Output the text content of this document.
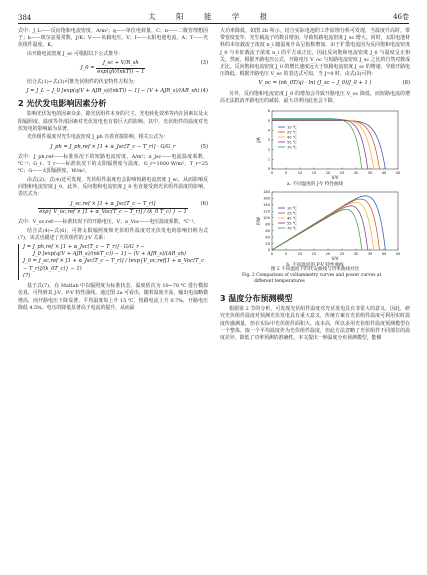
384	太 阳 能 学 报	46卷

式中：J_L——反向饱和电流密度，A/m²；q——单位电荷量，C；n——二极管理想因子；k——玻尔兹曼常数，J/K；V——负载电压，V；I——太阳电池电流，A；T——光伏组件温度，K。

由开路电流密度 J_sc 可根据以下公式推导：

J_0 = $\frac{J\_sc + V/R\_sh}{\text{exp(qV/(nkT)) − 1}}$	(3)

结合式(1)~式(3)可推光伏组件的伏安特性方程为：

J = J_L − J_0 [exp(q(V + AJR_s)/(nkT)) − 1] − (V + AJR_s)/(AR_sh) (4)
2 光伏发电影响因素分析

影响光伏发电的因素众多，除光伏组件本身的尺寸、光电转化效率等内在因素以及太阳辐照度、温度等外部因素对光伏发电也有着巨大的影响。其中，光伏组件的温度对光伏发电的影响最为显著。

光伏组件温度对光生电流密度 J_ph 有着直接影响，相关公式为：

J_ph = J_ph,ref × [1 + α_Jsc(T_c − T_r)] · G/G_r	(5)

式中：J_ph,ref——标准状况下的短路电流密度，A/m²；α_Jsc——电流温度系数，℃⁻¹；G_r、T_r——标准状况下的太阳辐照度与温度，G_r=1000 W/m²，T_r=25 ℃；G——太阳辐照度，W/m²。

由式(2)、式(4)还可发现，光伏组件温度也会影响短路电流密度 J_sc，从而影响反向饱和电流密度 J_0，此外，反向饱和电流密度 J_0 也直接受到光伏组件温度的影响，表达式为：

$\frac{\text{J\_sc,ref × [1 + α\_Jsc(T\_c − T\_r)]}}{\text{exp\{ V\_oc,ref × [1 + α\_Voc(T\_c − T\_r)] / (k\_0 T\_c) \} − 1}} (6)$

式中：V_oc,ref——标准状况下的开路电压，V；α_Voc——电压温度系数，℃⁻¹。

结合式(4)~式(6)，可将太阳辐照度和光伏组件温度对光伏发电的影响归纳为式(7)，该式也描述了光伏组件的 J-V 关系：

J = J_ph,ref × [1 + α_Jsc(T_c − T_r)] · G/G_r −
J_0 [exp(q(V + AJR_s)/(nkT_c)) − 1] − (V + AJR_s)/(AR_sh)
J_0 = J_sc,ref × [1 + α_Jsc(T_c − T_r)] / (exp{V_oc,ref[1 + α_Voc(T_c − T_r)]/(k_0T_c)} − 1)
(7)

基于式(7)，在 Matlab 中以辐照度为标准状态，温度依次为 10~70 ℃ 进行模拟仿真，可得到其 J-V、P-V 特性曲线。通过图 2a 可看出，随着温度升高，输出电流略微增高，而开路电压下降显著，平均温度每上升 15 ℃，短路电流上升 0.7%，开路电压降低 4.5%。电压的降低显著高于电流的提升，从而最

大功率降低，如图 2b 所示。结合实际电池的工作原理分析可发现，当温度升高时，带带宽度变窄，光生载流子的数目增加，导致短路电流密度 J_sc 增大。同时，太阳电池材料的本征载流子浓度 n_i 随温度升高呈指数增加，由于扩散电流因为反向饱和电流密度 J_0 与本征载流子浓度 n_i 的平方成正比，因此反向饱和电流密度 J_0 与温度呈正相关。然而，根据开路电压公式，开路电压 V_oc 与短路电流密度 J_sc 之比的自然对数成正比。反向饱和电流密度 J_0 的增长速度远大于短路电流密度 J_sc 的增速，导致开路电压降低。根据开路电压 V_oc 的表达式可知，当 J=0 时，由式(3)可得：

V_oc = (nk_0T/q) · ln( (J_sc − J_0)/J_0 + 1 )	(8)

另外，反向饱和电流密度 J_0 的增加会导致开路电压 V_oc 降低。而短路电流的增高无法抵消开路电压的减弱，最大功率因此也会下降。

0	5	10	15	20	25	30	35	40	45
0
1
2
3
4
5
6
V/V
J/A
10 ℃
25 ℃
40 ℃
55 ℃
70 ℃
a. 不同温度的 J-V 特性曲线
0	5	10	15	20	25	30	35	40	45
0
20
40
60
80
100
120
140
160
180
V/V
P/W
10 ℃
25 ℃
40 ℃
55 ℃
70 ℃
b. 不同温度的 P-V 特性曲线
图 2 不同温度下的伏安曲线与功率曲线对比
Fig. 2 Comparison of voltammetry curves and power curves at
different temperatures
3 温度分布预测模型

根据第 2 节的分析，可发现光伏组件温度对光伏发电具有非常大的意义。因此，研究光伏组件温度对预测光伏发电具有重大意义，传统方案有光伏组件温度可利用实时温度传感测量，但在实际中光伏组件面积大、成本高，所以多用光伏组件温度预测模型在一个整体，取一个平均温度作为光伏组件温度，但此方法忽略了光伏组件不同部位的温度差异，降低了功率预测的准确性。本文提出一种温度分布预测模型，能够
